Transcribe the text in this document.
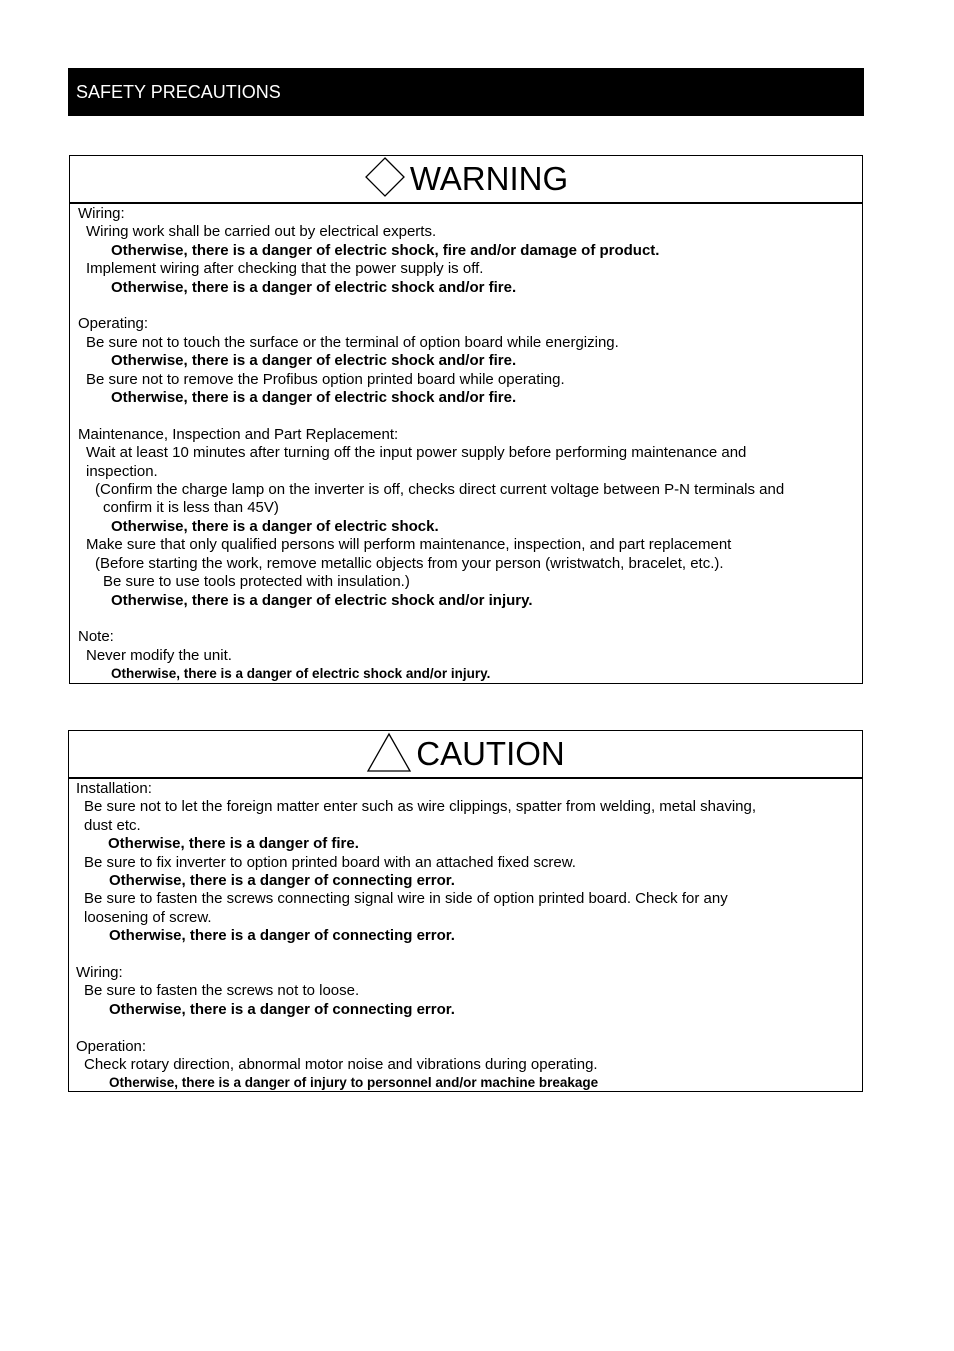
SAFETY PRECAUTIONS
WARNING
Wiring:
Wiring work shall be carried out by electrical experts.
Otherwise, there is a danger of electric shock, fire and/or damage of product.
Implement wiring after checking that the power supply is off.
Otherwise, there is a danger of electric shock and/or fire.
Operating:
Be sure not to touch the surface or the terminal of option board while energizing.
Otherwise, there is a danger of electric shock and/or fire.
Be sure not to remove the Profibus option printed board while operating.
Otherwise, there is a danger of electric shock and/or fire.
Maintenance, Inspection and Part Replacement:
Wait at least 10 minutes after turning off the input power supply before performing maintenance and
inspection.
(Confirm the charge lamp on the inverter is off, checks direct current voltage between P-N terminals and
confirm it is less than 45V)
Otherwise, there is a danger of electric shock.
Make sure that only qualified persons will perform maintenance, inspection, and part replacement
(Before starting the work, remove metallic objects from your person (wristwatch, bracelet, etc.).
Be sure to use tools protected with insulation.)
Otherwise, there is a danger of electric shock and/or injury.
Note:
Never modify the unit.
Otherwise, there is a danger of electric shock and/or injury.
CAUTION
Installation:
Be sure not to let the foreign matter enter such as wire clippings, spatter from welding, metal shaving,
dust etc.
Otherwise, there is a danger of fire.
Be sure to fix inverter to option printed board with an attached fixed screw.
Otherwise, there is a danger of connecting error.
Be sure to fasten the screws connecting signal wire in side of option printed board. Check for any
loosening of screw.
Otherwise, there is a danger of connecting error.
Wiring:
Be sure to fasten the screws not to loose.
Otherwise, there is a danger of connecting error.
Operation:
Check rotary direction, abnormal motor noise and vibrations during operating.
Otherwise, there is a danger of injury to personnel and/or machine breakage
